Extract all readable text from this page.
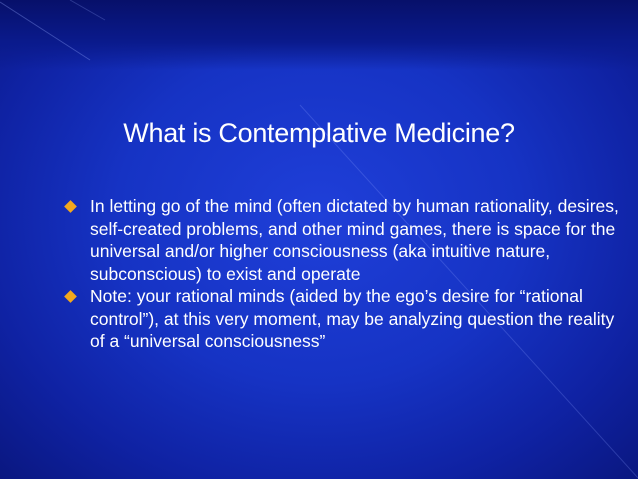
What is Contemplative Medicine?
In letting go of the mind (often dictated by human rationality, desires, self-created problems, and other mind games, there is space for the universal and/or higher consciousness (aka intuitive nature, subconscious) to exist and operate
Note: your rational minds (aided by the ego’s desire for “rational control”), at this very moment, may be analyzing question the reality of a “universal consciousness”
